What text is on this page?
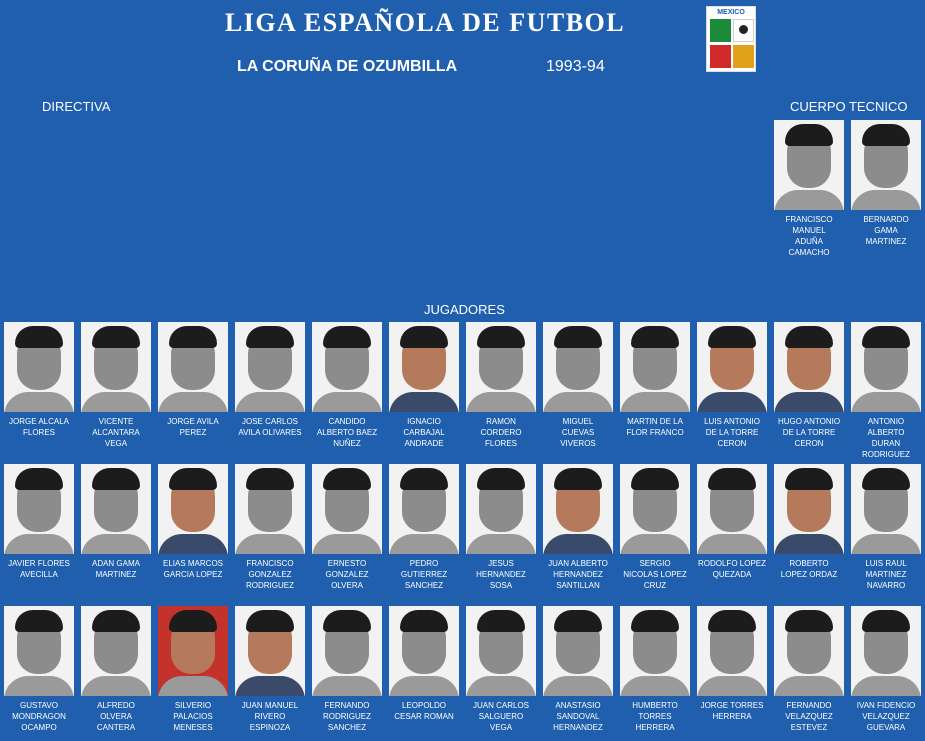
LIGA ESPAÑOLA DE FUTBOL
LA CORUÑA DE OZUMBILLA	1993-94
MEXICO
DIRECTIVA	CUERPO TECNICO
JUGADORES
FRANCISCO
MANUEL
ADUÑA
CAMACHO
BERNARDO
GAMA
MARTINEZ
JORGE ALCALA
FLORES
VICENTE
ALCANTARA
VEGA
JORGE AVILA
PEREZ
JOSE CARLOS
AVILA OLIVARES
CANDIDO
ALBERTO BAEZ
NUÑEZ
IGNACIO
CARBAJAL
ANDRADE
RAMON
CORDERO
FLORES
MIGUEL
CUEVAS
VIVEROS
MARTIN DE LA
FLOR FRANCO
LUIS ANTONIO
DE LA TORRE
CERON
HUGO ANTONIO
DE LA TORRE
CERON
ANTONIO
ALBERTO
DURAN
RODRIGUEZ
JAVIER FLORES
AVECILLA
ADAN GAMA
MARTINEZ
ELIAS MARCOS
GARCIA LOPEZ
FRANCISCO
GONZALEZ
RODRIGUEZ
ERNESTO
GONZALEZ
OLVERA
PEDRO
GUTIERREZ
SANCHEZ
JESUS
HERNANDEZ
SOSA
JUAN ALBERTO
HERNANDEZ
SANTILLAN
SERGIO
NICOLAS LOPEZ
CRUZ
RODOLFO LOPEZ
QUEZADA
ROBERTO
LOPEZ ORDAZ
LUIS RAUL
MARTINEZ
NAVARRO
GUSTAVO
MONDRAGON
OCAMPO
ALFREDO
OLVERA
CANTERA
SILVERIO
PALACIOS
MENESES
JUAN MANUEL
RIVERO
ESPINOZA
FERNANDO
RODRIGUEZ
SANCHEZ
LEOPOLDO
CESAR ROMAN
JUAN CARLOS
SALGUERO
VEGA
ANASTASIO
SANDOVAL
HERNANDEZ
HUMBERTO
TORRES
HERRERA
JORGE TORRES
HERRERA
FERNANDO
VELAZQUEZ
ESTEVEZ
IVAN FIDENCIO
VELAZQUEZ
GUEVARA
